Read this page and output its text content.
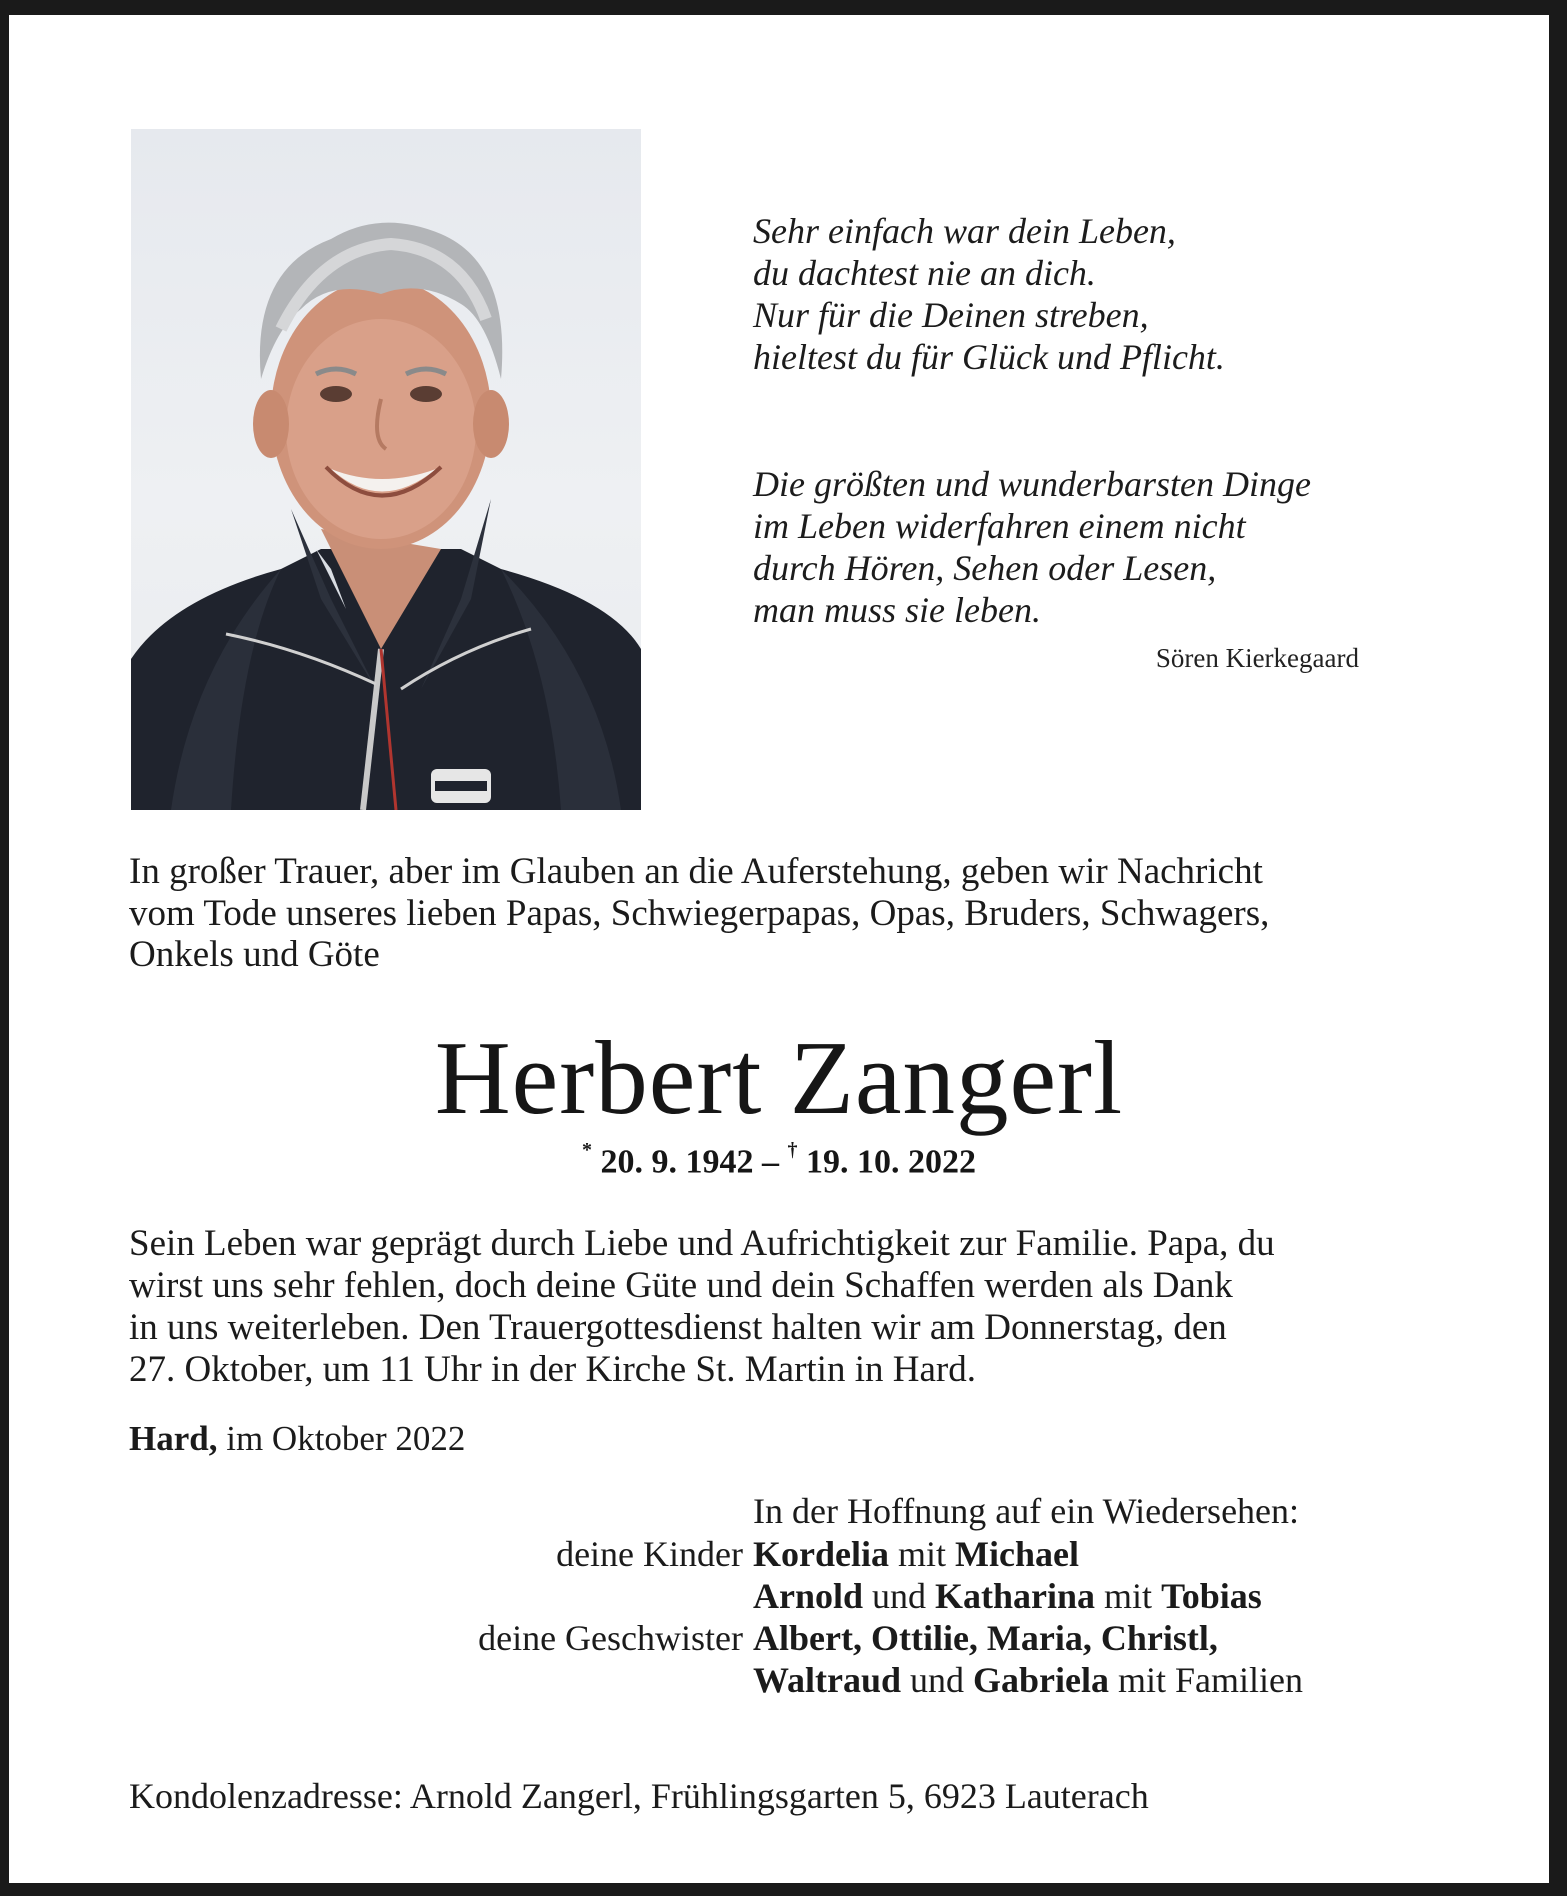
Sehr einfach war dein Leben,
du dachtest nie an dich.
Nur für die Deinen streben,
hieltest du für Glück und Pflicht.
Die größten und wunderbarsten Dinge
im Leben widerfahren einem nicht
durch Hören, Sehen oder Lesen,
man muss sie leben.
Sören Kierkegaard
In großer Trauer, aber im Glauben an die Auferstehung, geben wir Nachricht
vom Tode unseres lieben Papas, Schwiegerpapas, Opas, Bruders, Schwagers,
Onkels und Göte
Herbert Zangerl
* 20. 9. 1942 – † 19. 10. 2022
Sein Leben war geprägt durch Liebe und Aufrichtigkeit zur Familie. Papa, du
wirst uns sehr fehlen, doch deine Güte und dein Schaffen werden als Dank
in uns weiterleben. Den Trauergottesdienst halten wir am Donnerstag, den
27. Oktober, um 11 Uhr in der Kirche St. Martin in Hard.
Hard, im Oktober 2022
In der Hoffnung auf ein Wiedersehen:
deine Kinder Kordelia mit Michael
Arnold und Katharina mit Tobias
deine Geschwister Albert, Ottilie, Maria, Christl,
Waltraud und Gabriela mit Familien
Kondolenzadresse: Arnold Zangerl, Frühlingsgarten 5, 6923 Lauterach
